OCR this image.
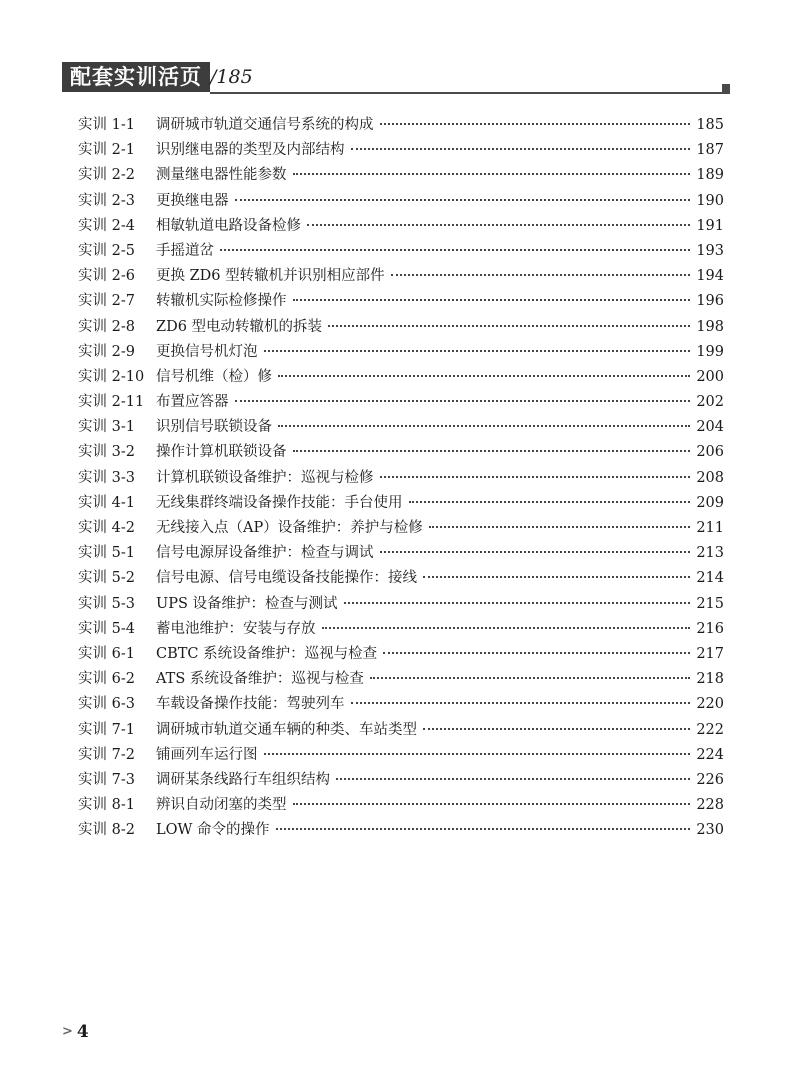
配套实训活页 /185
实训 1-1	调研城市轨道交通信号系统的构成	185
实训 2-1	识别继电器的类型及内部结构	187
实训 2-2	测量继电器性能参数	189
实训 2-3	更换继电器	190
实训 2-4	相敏轨道电路设备检修	191
实训 2-5	手摇道岔	193
实训 2-6	更换 ZD6 型转辙机并识别相应部件	194
实训 2-7	转辙机实际检修操作	196
实训 2-8	ZD6 型电动转辙机的拆装	198
实训 2-9	更换信号机灯泡	199
实训 2-10 信号机维（检）修	200
实训 2-11 布置应答器	202
实训 3-1	识别信号联锁设备	204
实训 3-2	操作计算机联锁设备	206
实训 3-3	计算机联锁设备维护：巡视与检修	208
实训 4-1	无线集群终端设备操作技能：手台使用	209
实训 4-2	无线接入点（AP）设备维护：养护与检修	211
实训 5-1	信号电源屏设备维护：检查与调试	213
实训 5-2	信号电源、信号电缆设备技能操作：接线	214
实训 5-3	UPS 设备维护：检查与测试	215
实训 5-4	蓄电池维护：安装与存放	216
实训 6-1	CBTC 系统设备维护：巡视与检查	217
实训 6-2	ATS 系统设备维护：巡视与检查	218
实训 6-3	车载设备操作技能：驾驶列车	220
实训 7-1	调研城市轨道交通车辆的种类、车站类型	222
实训 7-2	铺画列车运行图	224
实训 7-3	调研某条线路行车组织结构	226
实训 8-1	辨识自动闭塞的类型	228
实训 8-2	LOW 命令的操作	230
> 4
